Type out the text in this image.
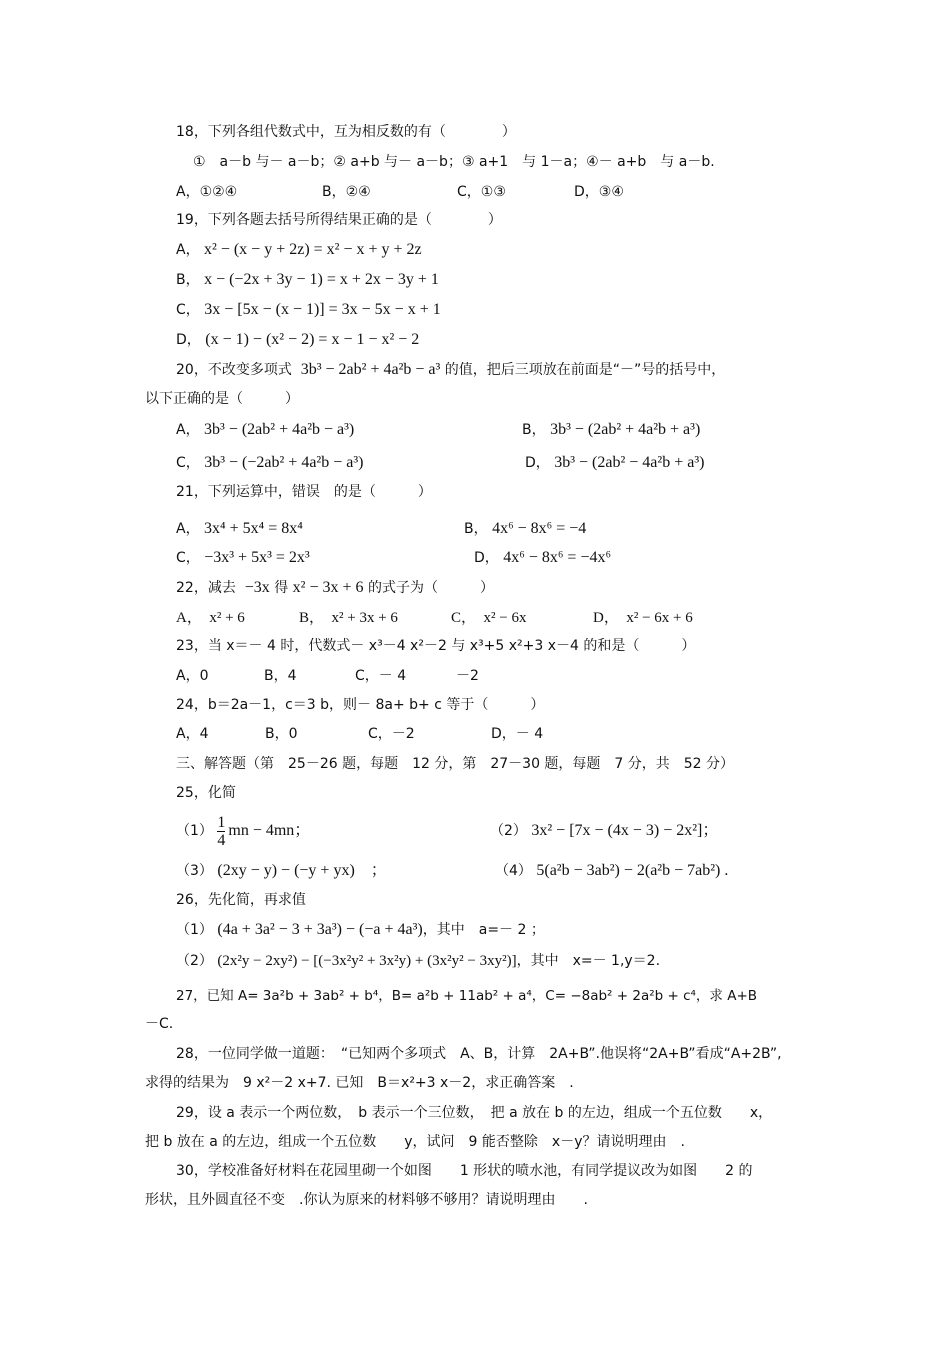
18，下列各组代数式中，互为相反数的有（　　　　）
①　a－b 与－ a－b；② a+b 与－ a－b；③ a+1　与 1－a；④－ a+b　与 a－b.
A，①②④	B，②④	C，①③	D，③④
19，下列各题去括号所得结果正确的是（　　　　）
A， x² − (x − y + 2z) = x² − x + y + 2z
B， x − (−2x + 3y − 1) = x + 2x − 3y + 1
C， 3x − [5x − (x − 1)] = 3x − 5x − x + 1
D， (x − 1) − (x² − 2) = x − 1 − x² − 2
20，不改变多项式 3b³ − 2ab² + 4a²b − a³ 的值，把后三项放在前面是“－”号的括号中，
以下正确的是（　　　）
A， 3b³ − (2ab² + 4a²b − a³)	B， 3b³ − (2ab² + 4a²b + a³)
C， 3b³ − (−2ab² + 4a²b − a³)	D， 3b³ − (2ab² − 4a²b + a³)
21，下列运算中，错误　的是（　　　）
A， 3x⁴ + 5x⁴ = 8x⁴	B， 4x⁶ − 8x⁶ = −4
C， −3x³ + 5x³ = 2x³	D， 4x⁶ − 8x⁶ = −4x⁶
22，减去 −3x 得 x² − 3x + 6 的式子为（　　　）
A，　x² + 6	B，　x² + 3x + 6	C，　x² − 6x	D，　x² − 6x + 6
23，当 x＝－ 4 时，代数式－ x³－4 x²－2 与 x³+5 x²+3 x－4 的和是（　　　）
A，0	B，4	C，－ 4	－2
24，b＝2a－1，c＝3 b，则－ 8a+ b+ c 等于（　　　）
A，4	B，0	C，－2	D，－ 4
三、解答题（第　25－26 题，每题　12 分，第　27－30 题，每题　7 分，共　52 分）
25，化简
$(1) \frac{1}{4}$ mn − 4mn；	（2） 3x² − [7x − (4x − 3) − 2x²]；
（3） (2xy − y) − (−y + yx)　；	（4） 5(a²b − 3ab²) − 2(a²b − 7ab²) .
26，先化简，再求值
（1） (4a + 3a² − 3 + 3a³) − (−a + 4a³)，其中　a=－ 2 ；
（2） (2x²y − 2xy²) − [(−3x²y² + 3x²y) + (3x²y² − 3xy²)]，其中　x=－ 1,y＝2.
27，已知 A= 3a²b + 3ab² + b⁴，B= a²b + 11ab² + a⁴，C= −8ab² + 2a²b + c⁴，求 A+B
－C.
28，一位同学做一道题：　“已知两个多项式　A、B，计算　2A+B”.他误将“2A+B”看成“A+2B”,
求得的结果为　9 x²－2 x+7. 已知　B＝x²+3 x－2，求正确答案　.
29，设 a 表示一个两位数，　b 表示一个三位数，　把 a 放在 b 的左边，组成一个五位数　　x，
把 b 放在 a 的左边，组成一个五位数　　y，试问　9 能否整除　x－y？请说明理由　.
30，学校准备好材料在花园里砌一个如图　　1 形状的喷水池，有同学提议改为如图　　2 的
形状，且外圆直径不变　.你认为原来的材料够不够用？请说明理由　　.
